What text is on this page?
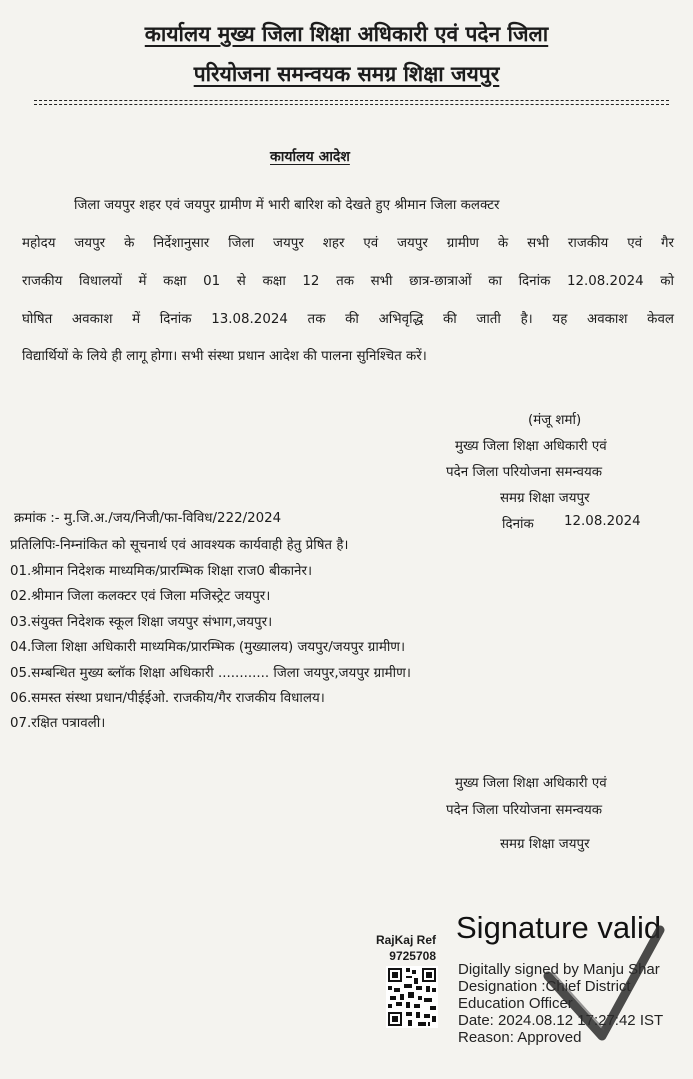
कार्यालय मुख्य जिला शिक्षा अधिकारी एवं पदेन जिला
परियोजना समन्वयक समग्र शिक्षा जयपुर
कार्यालय आदेश
जिला जयपुर शहर एवं जयपुर ग्रामीण में भारी बारिश को देखते हुए श्रीमान जिला कलक्टर
महोदय जयपुर के निर्देशानुसार जिला जयपुर शहर एवं जयपुर ग्रामीण के सभी राजकीय एवं गैर
राजकीय विधालयों में कक्षा 01 से कक्षा 12 तक सभी छात्र-छात्राओं का दिनांक 12.08.2024 को
घोषित अवकाश में दिनांक 13.08.2024 तक की अभिवृद्धि की जाती है। यह अवकाश केवल
विद्यार्थियों के लिये ही लागू होगा। सभी संस्था प्रधान आदेश की पालना सुनिश्चित करें।
(मंजू शर्मा)
मुख्य जिला शिक्षा अधिकारी एवं
पदेन जिला परियोजना समन्वयक
समग्र शिक्षा जयपुर
दिनांक 12.08.2024
क्रमांक :- मु.जि.अ./जय/निजी/फा-विविध/222/2024
प्रतिलिपिः-निम्नांकित को सूचनार्थ एवं आवश्यक कार्यवाही हेतु प्रेषित है।
01.श्रीमान निदेशक माध्यमिक/प्रारम्भिक शिक्षा राज0 बीकानेर।
02.श्रीमान जिला कलक्टर एवं जिला मजिस्ट्रेट जयपुर।
03.संयुक्त निदेशक स्कूल शिक्षा जयपुर संभाग,जयपुर।
04.जिला शिक्षा अधिकारी माध्यमिक/प्रारम्भिक (मुख्यालय) जयपुर/जयपुर ग्रामीण।
05.सम्बन्धित मुख्य ब्लॉक शिक्षा अधिकारी ............ जिला जयपुर,जयपुर ग्रामीण।
06.समस्त संस्था प्रधान/पीईईओ. राजकीय/गैर राजकीय विधालय।
07.रक्षित पत्रावली।
मुख्य जिला शिक्षा अधिकारी एवं
पदेन जिला परियोजना समन्वयक
समग्र शिक्षा जयपुर
RajKaj Ref
9725708
Signature valid
Digitally signed by Manju Shar
Designation :Chief District
Education Officer
Date: 2024.08.12 17:27:42 IST
Reason: Approved
